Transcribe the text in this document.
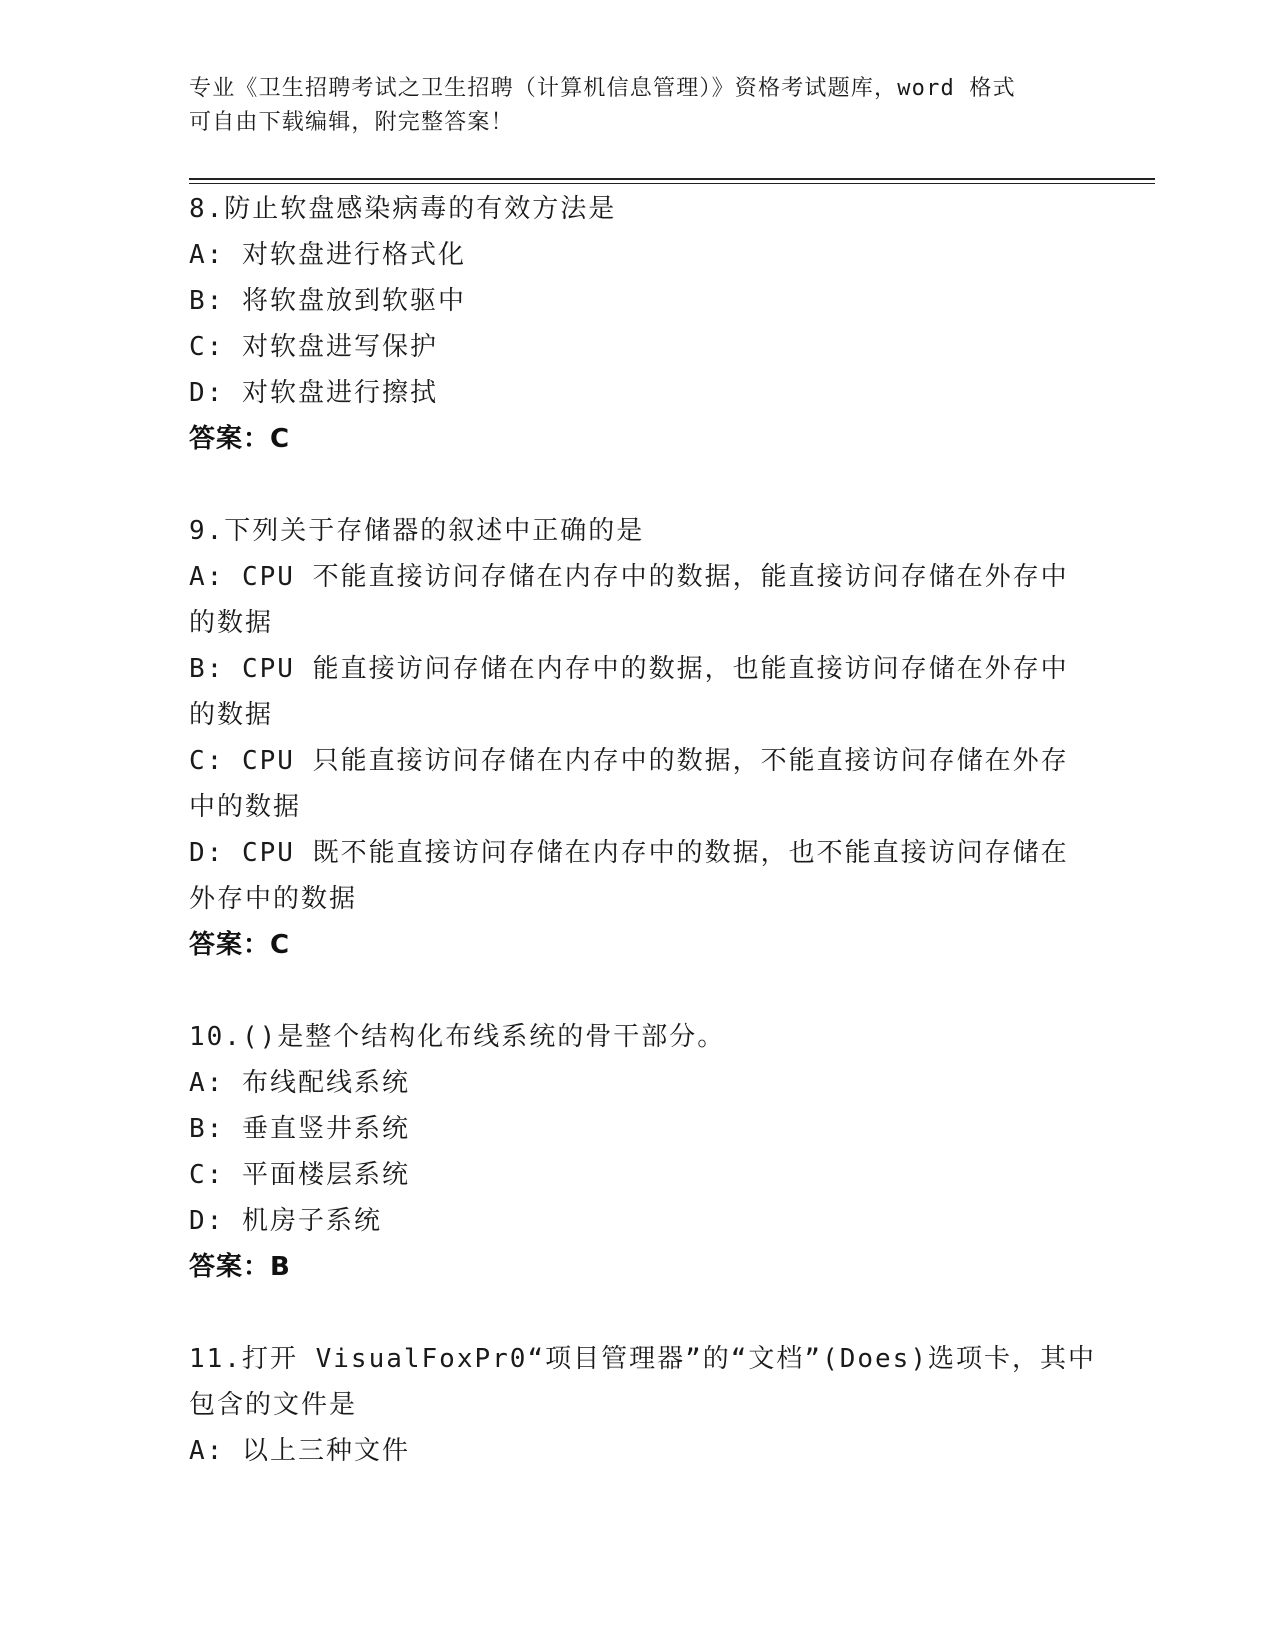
专业《卫生招聘考试之卫生招聘（计算机信息管理）》资格考试题库，word 格式
可自由下载编辑，附完整答案！
8.防止软盘感染病毒的有效方法是
A: 对软盘进行格式化
B: 将软盘放到软驱中
C: 对软盘进写保护
D: 对软盘进行擦拭
答案：C
9.下列关于存储器的叙述中正确的是
A: CPU 不能直接访问存储在内存中的数据，能直接访问存储在外存中
的数据
B: CPU 能直接访问存储在内存中的数据，也能直接访问存储在外存中
的数据
C: CPU 只能直接访问存储在内存中的数据，不能直接访问存储在外存
中的数据
D: CPU 既不能直接访问存储在内存中的数据，也不能直接访问存储在
外存中的数据
答案：C
10.()是整个结构化布线系统的骨干部分。
A: 布线配线系统
B: 垂直竖井系统
C: 平面楼层系统
D: 机房子系统
答案：B
11.打开 VisualFoxPr0“项目管理器”的“文档”(Does)选项卡，其中
包含的文件是
A: 以上三种文件
